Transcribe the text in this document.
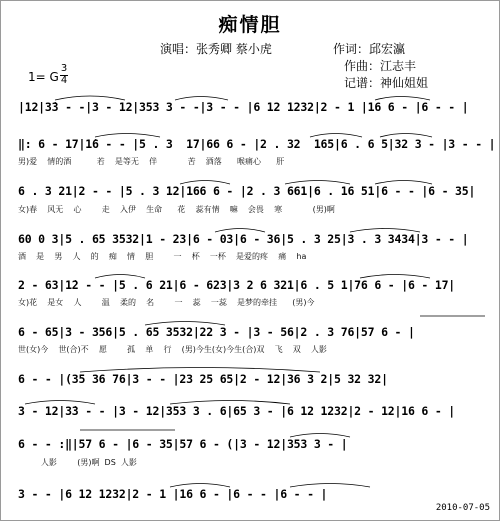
痴情胆
演唱：张秀卿 蔡小虎	作词：邱宏瀛
作曲：江志丰
记谱：神仙姐姐
1= G
3
4
|12|3̇3 - -|3 - 12|353 3 - -|3 - - |6 12 1232|2 - 1 |16 6 - |6 - - |
‖: 6 - 17|1̇6 - - |5 . 3  17|66 6 - |2 . 32  165|6 . 6 5|32 3 - |3 - - |
男)爱    情的酒          若    是等无    伴            苦    酒落      喉痛心      肝
6 . 3 21|2 - - |5 . 3 12|166 6 - |2 . 3 661|6 . 16 51|6 - - |6 - 35|
女)春    风无    心        走    入伊    生命      花    蕊有情    嘛    会畏    寒            (男)啊
60 0 3|5 . 65 3532|1 - 23|6 - 03|6 - 36|5 . 3 25|3 . 3 3434|3 - - |
酒    是    男    人    的    痴    情    胆        一    杯    一杯    是爱的疼    痛    ha
2 - 63|1̇2 - - |5 . 6 21|6 - 623|3 2 6 321|6 . 5 1|76 6 - |6 - 17|
女)花    是女    人        温    柔的    名        一    蕊    一蕊    是梦的牵挂      (男)今
6 - 65|3 - 356|5 . 65 3532|22 3 - |3 - 56|2 . 3 76|57 6 - |
世(女)今    世(合)不    愿        孤    单    行    (男)今生(女)今生(合)双    飞    双    人影
6 - - |(35 36 76|3 - - |23 25 65|2 - 12|36 3 2|5 32 32|
3 - 12|3̇3 - - |3 - 12|353 3 . 6|65 3 - |6 12 1232|2 - 12|16 6 - |
6 - - :‖|57 6 - |6 - 35|57 6 - (|3 - 12|353 3 - |
人影        (男)啊  DS  人影
3 - - |6 12 1232|2 - 1 |16 6 - |6 - - |6 - - |
2010-07-05
